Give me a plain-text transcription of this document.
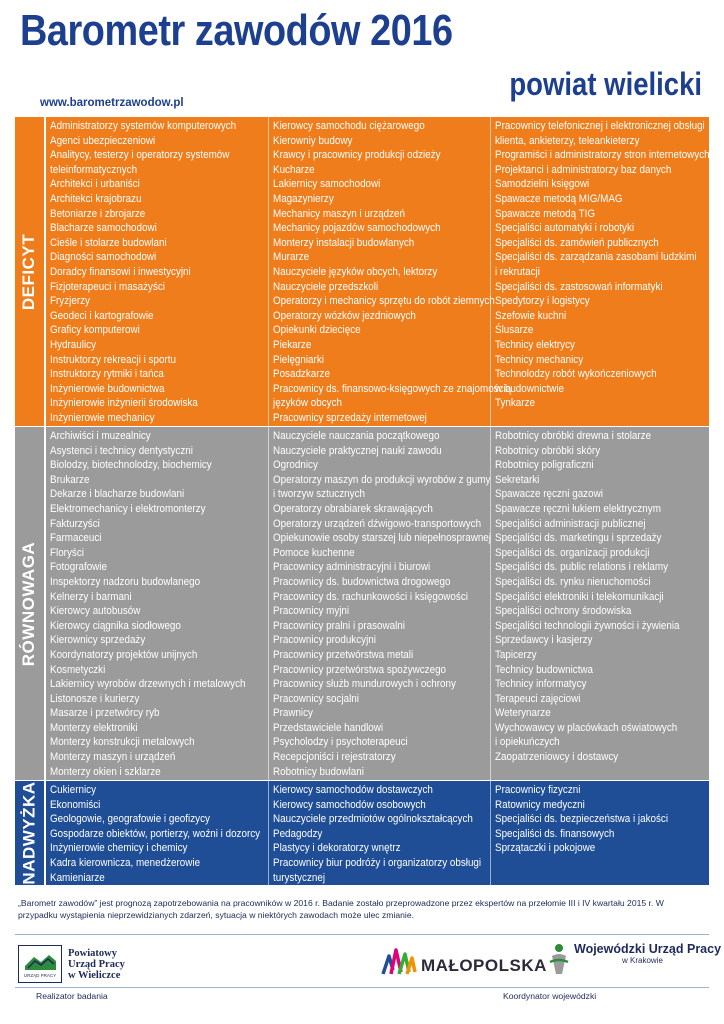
Barometr zawodów 2016
powiat wielicki
www.barometrzawodow.pl
DEFICYT
Administratorzy systemów komputerowych
Agenci ubezpieczeniowi
Analitycy, testerzy i operatorzy systemów
teleinformatycznych
Architekci i urbaniści
Architekci krajobrazu
Betoniarze i zbrojarze
Blacharze samochodowi
Cieśle i stolarze budowlani
Diagności samochodowi
Doradcy finansowi i inwestycyjni
Fizjoterapeuci i masażyści
Fryzjerzy
Geodeci i kartografowie
Graficy komputerowi
Hydraulicy
Instruktorzy rekreacji i sportu
Instruktorzy rytmiki i tańca
Inżynierowie budownictwa
Inżynierowie inżynierii środowiska
Inżynierowie mechanicy
Kierowcy samochodu ciężarowego
Kierowniy budowy
Krawcy i pracownicy produkcji odzieży
Kucharze
Lakiernicy samochodowi
Magazynierzy
Mechanicy maszyn i urządzeń
Mechanicy pojazdów samochodowych
Monterzy instalacji budowlanych
Murarze
Nauczyciele języków obcych, lektorzy
Nauczyciele przedszkoli
Operatorzy i mechanicy sprzętu do robót ziemnych
Operatorzy wózków jezdniowych
Opiekunki dziecięce
Piekarze
Pielęgniarki
Posadzkarze
Pracownicy ds. finansowo-księgowych ze znajomością
języków obcych
Pracownicy sprzedaży internetowej
Pracownicy telefonicznej i elektronicznej obsługi
klienta, ankieterzy, teleankieterzy
Programiści i administratorzy stron internetowych
Projektanci i administratorzy baz danych
Samodzielni księgowi
Spawacze metodą MIG/MAG
Spawacze metodą TIG
Specjaliści automatyki i robotyki
Specjaliści ds. zamówień publicznych
Specjaliści ds. zarządzania zasobami ludzkimi
i rekrutacji
Specjaliści ds. zastosowań informatyki
Spedytorzy i logistycy
Szefowie kuchni
Ślusarze
Technicy elektrycy
Technicy mechanicy
Technolodzy robót wykończeniowych
w budownictwie
Tynkarze
RÓWNOWAGA
Archiwiści i muzealnicy
Asystenci i technicy dentystyczni
Biolodzy, biotechnolodzy, biochemicy
Brukarze
Dekarze i blacharze budowlani
Elektromechanicy i elektromonterzy
Fakturzyści
Farmaceuci
Floryści
Fotografowie
Inspektorzy nadzoru budowlanego
Kelnerzy i barmani
Kierowcy autobusów
Kierowcy ciągnika siodłowego
Kierownicy sprzedaży
Koordynatorzy projektów unijnych
Kosmetyczki
Lakiernicy wyrobów drzewnych i metalowych
Listonosze i kurierzy
Masarze i przetwórcy ryb
Monterzy elektroniki
Monterzy konstrukcji metalowych
Monterzy maszyn i urządzeń
Monterzy okien i szklarze
Nauczyciele nauczania początkowego
Nauczyciele praktycznej nauki zawodu
Ogrodnicy
Operatorzy maszyn do produkcji wyrobów z gumy
i tworzyw sztucznych
Operatorzy obrabiarek skrawających
Operatorzy urządzeń dźwigowo-transportowych
Opiekunowie osoby starszej lub niepełnosprawnej
Pomoce kuchenne
Pracownicy administracyjni i biurowi
Pracownicy ds. budownictwa drogowego
Pracownicy ds. rachunkowości i księgowości
Pracownicy myjni
Pracownicy pralni i prasowalni
Pracownicy produkcyjni
Pracownicy przetwórstwa metali
Pracownicy przetwórstwa spożywczego
Pracownicy służb mundurowych i ochrony
Pracownicy socjalni
Prawnicy
Przedstawiciele handlowi
Psycholodzy i psychoterapeuci
Recepcjoniści i rejestratorzy
Robotnicy budowlani
Robotnicy obróbki drewna i stolarze
Robotnicy obróbki skóry
Robotnicy poligraficzni
Sekretarki
Spawacze ręczni gazowi
Spawacze ręczni łukiem elektrycznym
Specjaliści administracji publicznej
Specjaliści ds. marketingu i sprzedaży
Specjaliści ds. organizacji produkcji
Specjaliści ds. public relations i reklamy
Specjaliści ds. rynku nieruchomości
Specjaliści elektroniki i telekomunikacji
Specjaliści ochrony środowiska
Specjaliści technologii żywności i żywienia
Sprzedawcy i kasjerzy
Tapicerzy
Technicy budownictwa
Technicy informatycy
Terapeuci zajęciowi
Weterynarze
Wychowawcy w placówkach oświatowych
i opiekuńczych
Zaopatrzeniowcy i dostawcy
NADWYŻKA Cukiernicy
Ekonomiści
Geologowie, geografowie i geofizycy
Gospodarze obiektów, portierzy, woźni i dozorcy
Inżynierowie chemicy i chemicy
Kadra kierownicza, menedżerowie
Kamieniarze
Kierowcy samochodów dostawczych
Kierowcy samochodów osobowych
Nauczyciele przedmiotów ogólnokształcących
Pedagodzy
Plastycy i dekoratorzy wnętrz
Pracownicy biur podróży i organizatorzy obsługi
turystycznej
Pracownicy fizyczni
Ratownicy medyczni
Specjaliści ds. bezpieczeństwa i jakości
Specjaliści ds. finansowych
Sprzątaczki i pokojowe
„Barometr zawodów” jest prognozą zapotrzebowania na pracowników w 2016 r. Badanie zostało przeprowadzone przez ekspertów na przełomie III i IV kwartału 2015 r. W przypadku wystąpienia nieprzewidzianych zdarzeń, sytuacja w niektórych zawodach może ulec zmianie.
URZĄD PRACY
Powiatowy
Urząd Pracy
w Wieliczce	MAŁOPOLSKA
Wojewódzki Urząd Pracy
w Krakowie
Realizator badania	Koordynator wojewódzki
